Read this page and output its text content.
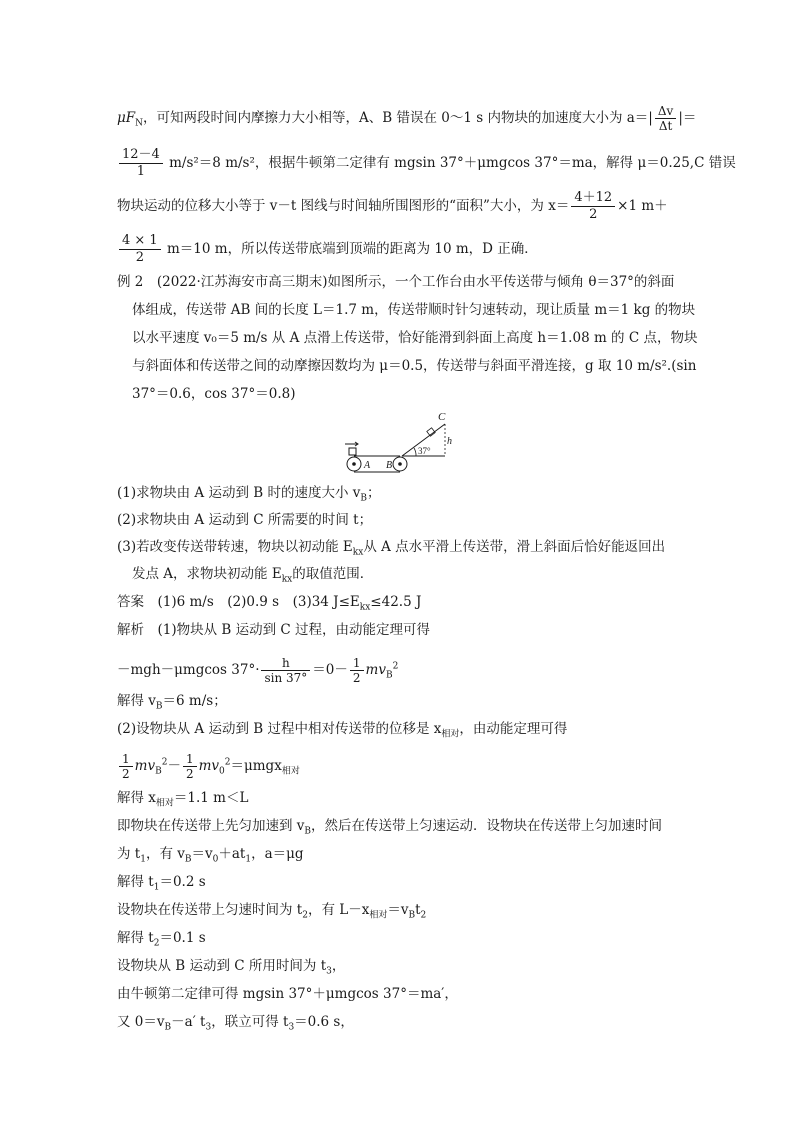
$\mu F_N$，可知两段时间内摩擦力大小相等，A、B 错误在 0～1 s 内物块的加速度大小为 $a=| \frac{\Delta v}{\Delta t}$ |＝
$\frac{12-4}{1} m/s^2=8$ m/s²，根据牛顿第二定律有 mgsin 37°＋μmgcos 37°＝ma，解得 μ＝0.25,C 错误
物块运动的位移大小等于 v－t 图线与时间轴所围图形的“面积”大小，为 $x= \frac{4+12}{2} \times 1$ m＋
$\frac{4 \times 1}{2} m=10$ m，所以传送带底端到顶端的距离为 10 m，D 正确．
例 2　(2022·江苏海安市高三期末)如图所示，一个工作台由水平传送带与倾角 θ＝37°的斜面
体组成，传送带 AB 间的长度 L＝1.7 m，传送带顺时针匀速转动，现让质量 m＝1 kg 的物块
以水平速度 v₀＝5 m/s 从 A 点滑上传送带，恰好能滑到斜面上高度 h＝1.08 m 的 C 点，物块
与斜面体和传送带之间的动摩擦因数均为 μ＝0.5，传送带与斜面平滑连接，g 取 10 m/s².(sin
37°＝0.6，cos 37°＝0.8)
C
h
37°
A B
(1)求物块由 A 运动到 B 时的速度大小 $v_B$；
(2)求物块由 A 运动到 C 所需要的时间 t；
(3)若改变传送带转速，物块以初动能 $E_{kx}$从 A 点水平滑上传送带，滑上斜面后恰好能返回出
发点 A，求物块初动能 $E_{kx}$的取值范围．
答案　(1)6 m/s　(2)0.9 s　(3)34 $J\le E_{kx}\le 42.5$ J
解析　(1)物块从 B 运动到 C 过程，由动能定理可得
－mgh－μmgcos $37^\circ\cdot \frac{h}{\sin 37^\circ} =0- \frac{1}{2} mv_B^2$
解得 $v_B=6$ m/s；
(2)设物块从 A 运动到 B 过程中相对传送带的位移是 $x_{相对}$，由动能定理可得
$\frac{1}{2} mv_B^2- \frac{1}{2} mv_0^2=\mu mgx_{相对}$
解得 $x_{相对}=1.1$ m＜L
即物块在传送带上先匀加速到 $v_B$，然后在传送带上匀速运动．设物块在传送带上匀加速时间
为 $t_1$，有 $v_B=v_0+at_1$，a＝μg
解得 $t_1=0.2$ s
设物块在传送带上匀速时间为 $t_2$，有 $L-x_{相对}=v_Bt_2$
解得 $t_2=0.1$ s
设物块从 B 运动到 C 所用时间为 $t_3$，
由牛顿第二定律可得 mgsin 37°＋μmgcos 37°＝ma′，
又 $0=v_B-a'$ $t_3$，联立可得 $t_3=0.6$ s，
